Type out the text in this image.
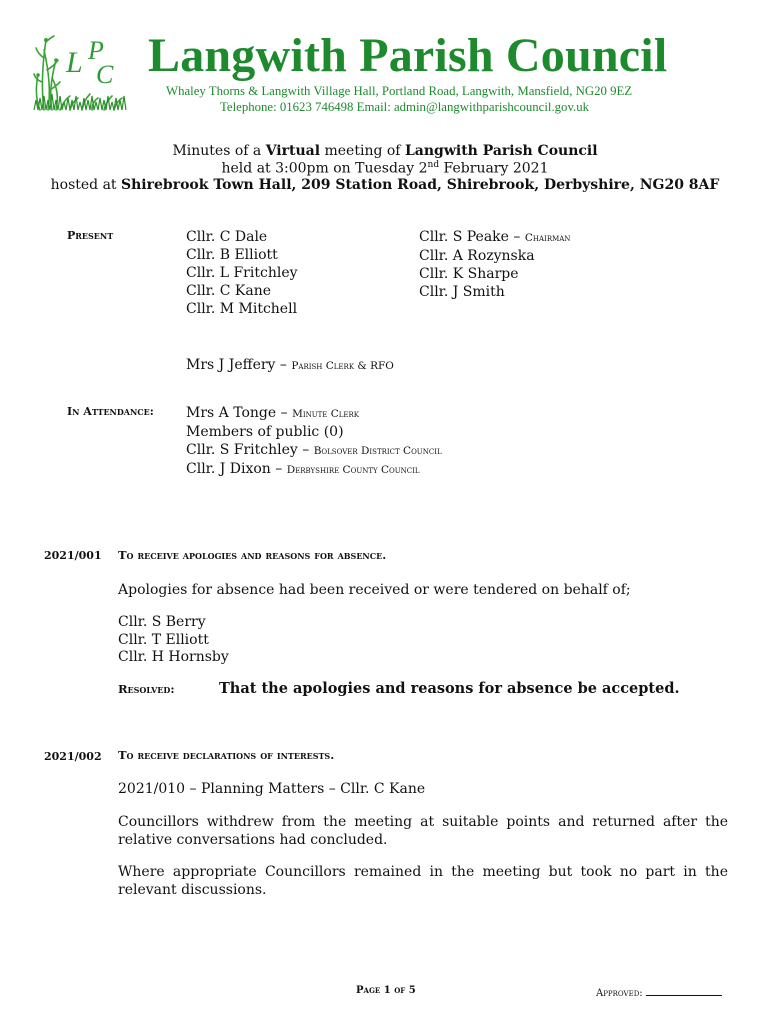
L P
C Langwith Parish Council
Whaley Thorns & Langwith Village Hall, Portland Road, Langwith, Mansfield, NG20 9EZ
Telephone: 01623 746498 Email: admin@langwithparishcouncil.gov.uk
Minutes of a Virtual meeting of Langwith Parish Council
held at 3:00pm on Tuesday 2nd February 2021
hosted at Shirebrook Town Hall, 209 Station Road, Shirebrook, Derbyshire, NG20 8AF
Present	Cllr. C Dale
Cllr. B Elliott
Cllr. L Fritchley
Cllr. C Kane
Cllr. M Mitchell
Cllr. S Peake – Chairman
Cllr. A Rozynska
Cllr. K Sharpe
Cllr. J Smith
Mrs J Jeffery – Parish Clerk & RFO
In Attendance: Mrs A Tonge – Minute Clerk
Members of public (0)
Cllr. S Fritchley – Bolsover District Council
Cllr. J Dixon – Derbyshire County Council
2021/001 To receive apologies and reasons for absence.
Apologies for absence had been received or were tendered on behalf of;
Cllr. S Berry
Cllr. T Elliott
Cllr. H Hornsby
Resolved:	That the apologies and reasons for absence be accepted.
2021/002 To receive declarations of interests.
2021/010 – Planning Matters – Cllr. C Kane
Councillors withdrew from the meeting at suitable points and returned after the relative conversations had concluded.
Where appropriate Councillors remained in the meeting but took no part in the relevant discussions.
Page 1 of 5	Approved:
